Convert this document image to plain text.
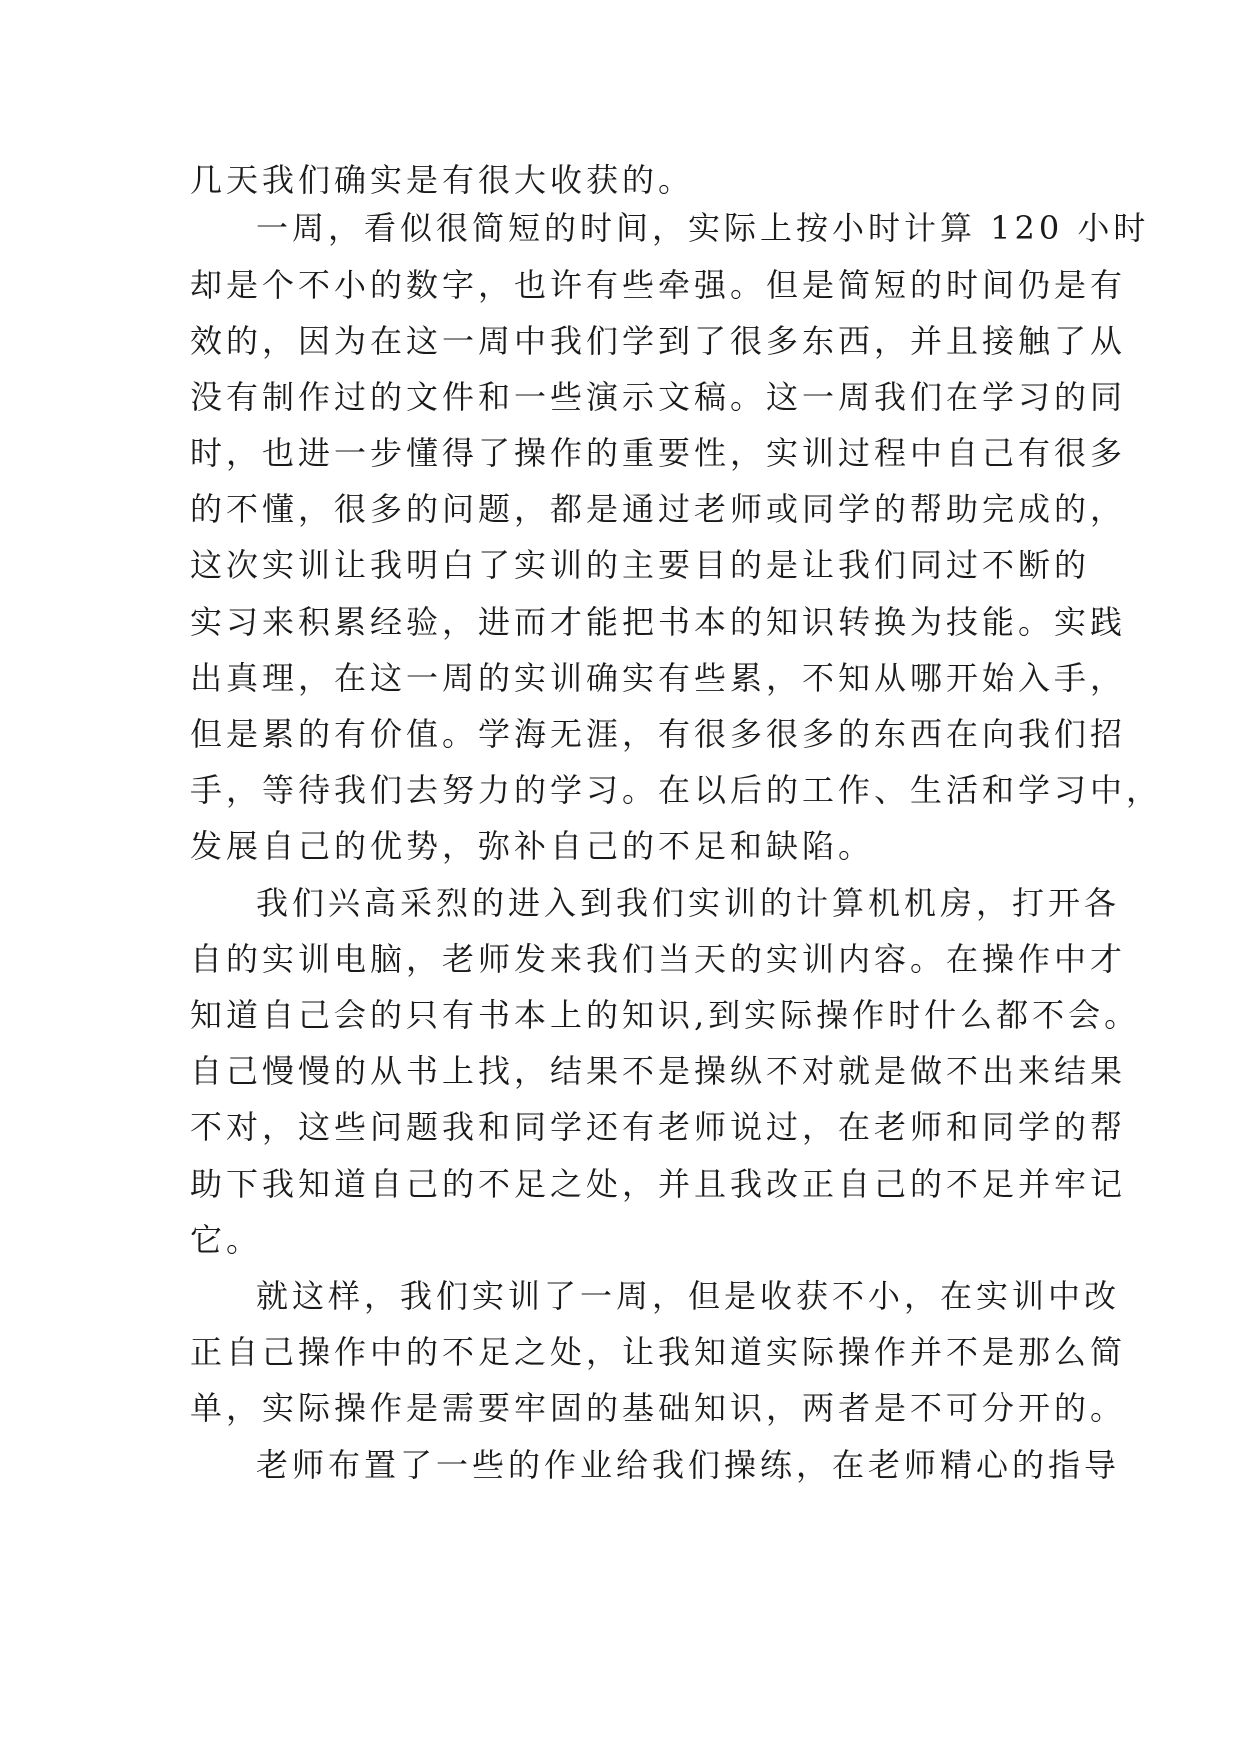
几天我们确实是有很大收获的。
一周，看似很简短的时间，实际上按小时计算 120 小时
却是个不小的数字，也许有些牵强。但是简短的时间仍是有
效的，因为在这一周中我们学到了很多东西，并且接触了从
没有制作过的文件和一些演示文稿。这一周我们在学习的同
时，也进一步懂得了操作的重要性，实训过程中自己有很多
的不懂，很多的问题，都是通过老师或同学的帮助完成的，
这次实训让我明白了实训的主要目的是让我们同过不断的
实习来积累经验，进而才能把书本的知识转换为技能。实践
出真理，在这一周的实训确实有些累，不知从哪开始入手，
但是累的有价值。学海无涯，有很多很多的东西在向我们招
手，等待我们去努力的学习。在以后的工作、生活和学习中，
发展自己的优势，弥补自己的不足和缺陷。
我们兴高采烈的进入到我们实训的计算机机房，打开各
自的实训电脑，老师发来我们当天的实训内容。在操作中才
知道自己会的只有书本上的知识,到实际操作时什么都不会。
自己慢慢的从书上找，结果不是操纵不对就是做不出来结果
不对，这些问题我和同学还有老师说过，在老师和同学的帮
助下我知道自己的不足之处，并且我改正自己的不足并牢记
它。
就这样，我们实训了一周，但是收获不小，在实训中改
正自己操作中的不足之处，让我知道实际操作并不是那么简
单，实际操作是需要牢固的基础知识，两者是不可分开的。
老师布置了一些的作业给我们操练，在老师精心的指导
